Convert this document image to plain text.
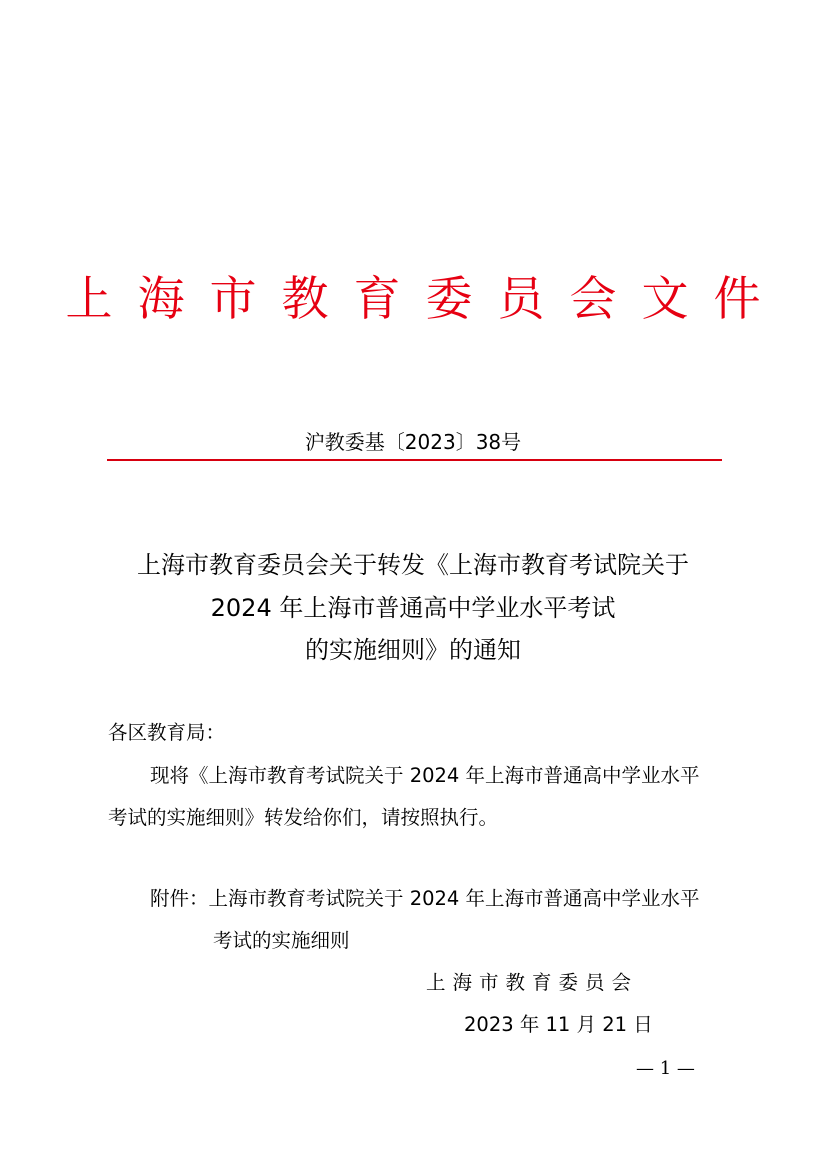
上海市教育委员会文件
沪教委基〔2023〕38号
上海市教育委员会关于转发《上海市教育考试院关于
2024 年上海市普通高中学业水平考试
的实施细则》的通知
各区教育局：
现将《上海市教育考试院关于 2024 年上海市普通高中学业水平
考试的实施细则》转发给你们，请按照执行。
附件：上海市教育考试院关于 2024 年上海市普通高中学业水平
考试的实施细则
上海市教育委员会
2023 年 11 月 21 日
— 1 —
